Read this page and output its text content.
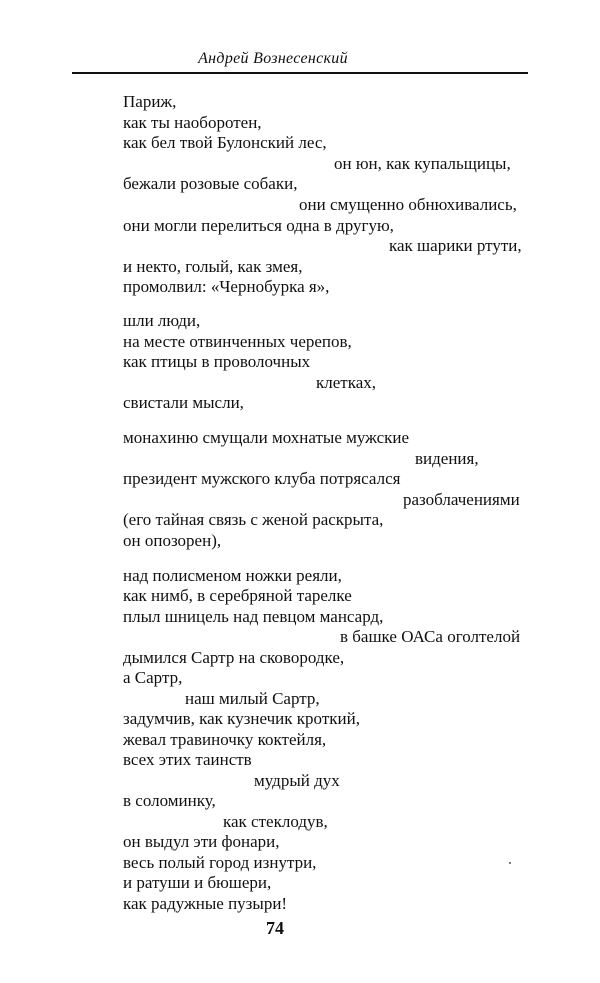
Андрей Вознесенский
Париж,
как ты наоборотен,
как бел твой Булонский лес,
он юн, как купальщицы,
бежали розовые собаки,
они смущенно обнюхивались,
они могли перелиться одна в другую,
как шарики ртути,
и некто, голый, как змея,
промолвил: «Чернобурка я»,
шли люди,
на месте отвинченных черепов,
как птицы в проволочных
клетках,
свистали мысли,
монахиню смущали мохнатые мужские
видения,
президент мужского клуба потрясался
разоблачениями
(его тайная связь с женой раскрыта,
он опозорен),
над полисменом ножки реяли,
как нимб, в серебряной тарелке
плыл шницель над певцом мансард,
в башке ОАСа оголтелой
дымился Сартр на сковородке,
а Сартр,
наш милый Сартр,
задумчив, как кузнечик кроткий,
жевал травиночку коктейля,
всех этих таинств
мудрый дух
в соломинку,
как стеклодув,
он выдул эти фонари,
весь полый город изнутри,
и ратуши и бюшери,
как радужные пузыри!
74
